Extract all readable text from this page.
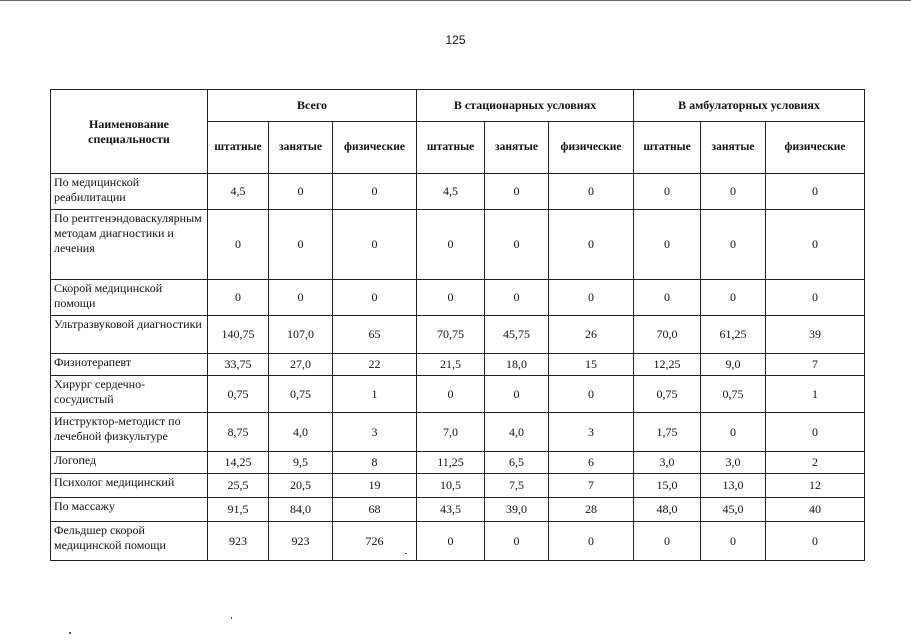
125
Наименование специальности	Всего			В стационарных условиях			В амбулаторных условиях		
	штатные	занятые	физические	штатные	занятые	физические	штатные	занятые	физические
По медицинской реабилитации	4,5	0	0	4,5	0	0	0	0	0
По рентгенэндоваскулярным методам диагностики и лечения	0	0	0	0	0	0	0	0	0
Скорой медицинской помощи	0	0	0	0	0	0	0	0	0
Ультразвуковой диагностики	140,75	107,0	65	70,75	45,75	26	70,0	61,25	39
Физиотерапевт	33,75	27,0	22	21,5	18,0	15	12,25	9,0	7
Хирург сердечно-сосудистый	0,75	0,75	1	0	0	0	0,75	0,75	1
Инструктор-методист по лечебной физкультуре	8,75	4,0	3	7,0	4,0	3	1,75	0	0
Логопед	14,25	9,5	8	11,25	6,5	6	3,0	3,0	2
Психолог медицинский	25,5	20,5	19	10,5	7,5	7	15,0	13,0	12
По массажу	91,5	84,0	68	43,5	39,0	28	48,0	45,0	40
Фельдшер скорой медицинской помощи	923	923	726	0	0	0	0	0	0
